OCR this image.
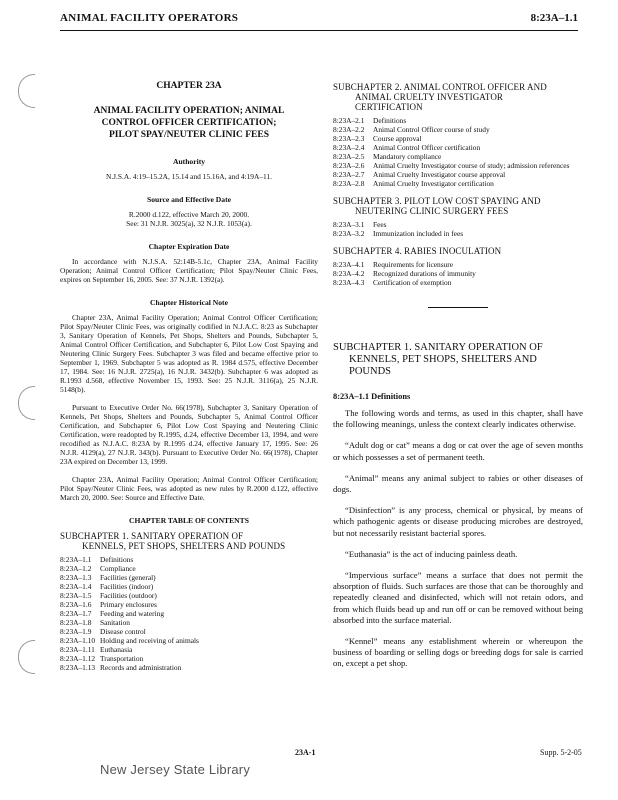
ANIMAL FACILITY OPERATORS	8:23A–1.1
CHAPTER 23A
ANIMAL FACILITY OPERATION; ANIMAL
CONTROL OFFICER CERTIFICATION;
PILOT SPAY/NEUTER CLINIC FEES
Authority

N.J.S.A. 4:19–15.2A, 15.14 and 15.16A, and 4:19A–11.

Source and Effective Date
R.2000 d.122, effective March 20, 2000.
See: 31 N.J.R. 3025(a), 32 N.J.R. 1053(a).
Chapter Expiration Date

In accordance with N.J.S.A. 52:14B-5.1c, Chapter 23A, Animal Facility Operation; Animal Control Officer Certification; Pilot Spay/Neuter Clinic Fees, expires on September 16, 2005. See: 37 N.J.R. 1392(a).

Chapter Historical Note

Chapter 23A, Animal Facility Operation; Animal Control Officer Certification; Pilot Spay/Neuter Clinic Fees, was originally codified in N.J.A.C. 8:23 as Subchapter 3, Sanitary Operation of Kennels, Pet Shops, Shelters and Pounds, Subchapter 5, Animal Control Officer Certification, and Subchapter 6, Pilot Low Cost Spaying and Neutering Clinic Surgery Fees. Subchapter 3 was filed and became effective prior to September 1, 1969. Subchapter 5 was adopted as R. 1984 d.575, effective December 17, 1984. See: 16 N.J.R. 2725(a), 16 N.J.R. 3432(b). Subchapter 6 was adopted as R.1993 d.568, effective November 15, 1993. See: 25 N.J.R. 3116(a), 25 N.J.R. 5148(b).

Pursuant to Executive Order No. 66(1978), Subchapter 3, Sanitary Operation of Kennels, Pet Shops, Shelters and Pounds, Subchapter 5, Animal Control Officer Certification, and Subchapter 6, Pilot Low Cost Spaying and Neutering Clinic Certification, were readopted by R.1995, d.24, effective December 13, 1994, and were recodified as N.J.A.C. 8:23A by R.1995 d.24, effective January 17, 1995. See: 26 N.J.R. 4129(a), 27 N.J.R. 343(b). Pursuant to Executive Order No. 66(1978), Chapter 23A expired on December 13, 1999.

Chapter 23A, Animal Facility Operation; Animal Control Officer Certification; Pilot Spay/Neuter Clinic Fees, was adopted as new rules by R.2000 d.122, effective March 20, 2000. See: Source and Effective Date.

CHAPTER TABLE OF CONTENTS
SUBCHAPTER 1. SANITARY OPERATION OF
KENNELS, PET SHOPS, SHELTERS AND POUNDS
8:23A–1.1	Definitions
8:23A–1.2	Compliance
8:23A–1.3	Facilities (general)
8:23A–1.4	Facilities (indoor)
8:23A–1.5	Facilities (outdoor)
8:23A–1.6	Primary enclosures
8:23A–1.7	Feeding and watering
8:23A–1.8	Sanitation
8:23A–1.9	Disease control
8:23A–1.10 Holding and receiving of animals
8:23A–1.11 Euthanasia
8:23A–1.12 Transportation
8:23A–1.13 Records and administration
SUBCHAPTER 2. ANIMAL CONTROL OFFICER AND
ANIMAL CRUELTY INVESTIGATOR
CERTIFICATION
8:23A–2.1	Definitions
8:23A–2.2	Animal Control Officer course of study
8:23A–2.3	Course approval
8:23A–2.4	Animal Control Officer certification
8:23A–2.5	Mandatory compliance
8:23A–2.6	Animal Cruelty Investigator course of study; admission references
8:23A–2.7	Animal Cruelty Investigator course approval
8:23A–2.8	Animal Cruelty Investigator certification
SUBCHAPTER 3. PILOT LOW COST SPAYING AND
NEUTERING CLINIC SURGERY FEES
8:23A–3.1	Fees
8:23A–3.2	Immunization included in fees
SUBCHAPTER 4. RABIES INOCULATION
8:23A–4.1	Requirements for licensure
8:23A–4.2	Recognized durations of immunity
8:23A–4.3	Certification of exemption
SUBCHAPTER 1. SANITARY OPERATION OF
KENNELS, PET SHOPS, SHELTERS AND
POUNDS
8:23A–1.1 Definitions

The following words and terms, as used in this chapter, shall have the following meanings, unless the context clearly indicates otherwise.

“Adult dog or cat” means a dog or cat over the age of seven months or which possesses a set of permanent teeth.

“Animal” means any animal subject to rabies or other diseases of dogs.

“Disinfection” is any process, chemical or physical, by means of which pathogenic agents or disease producing microbes are destroyed, but not necessarily resistant bacterial spores.

“Euthanasia” is the act of inducing painless death.

“Impervious surface” means a surface that does not permit the absorption of fluids. Such surfaces are those that can be thoroughly and repeatedly cleaned and disinfected, which will not retain odors, and from which fluids bead up and run off or can be removed without being absorbed into the surface material.

“Kennel” means any establishment wherein or whereupon the business of boarding or selling dogs or breeding dogs for sale is carried on, except a pet shop.

23A-1	Supp. 5-2-05
New Jersey State Library
